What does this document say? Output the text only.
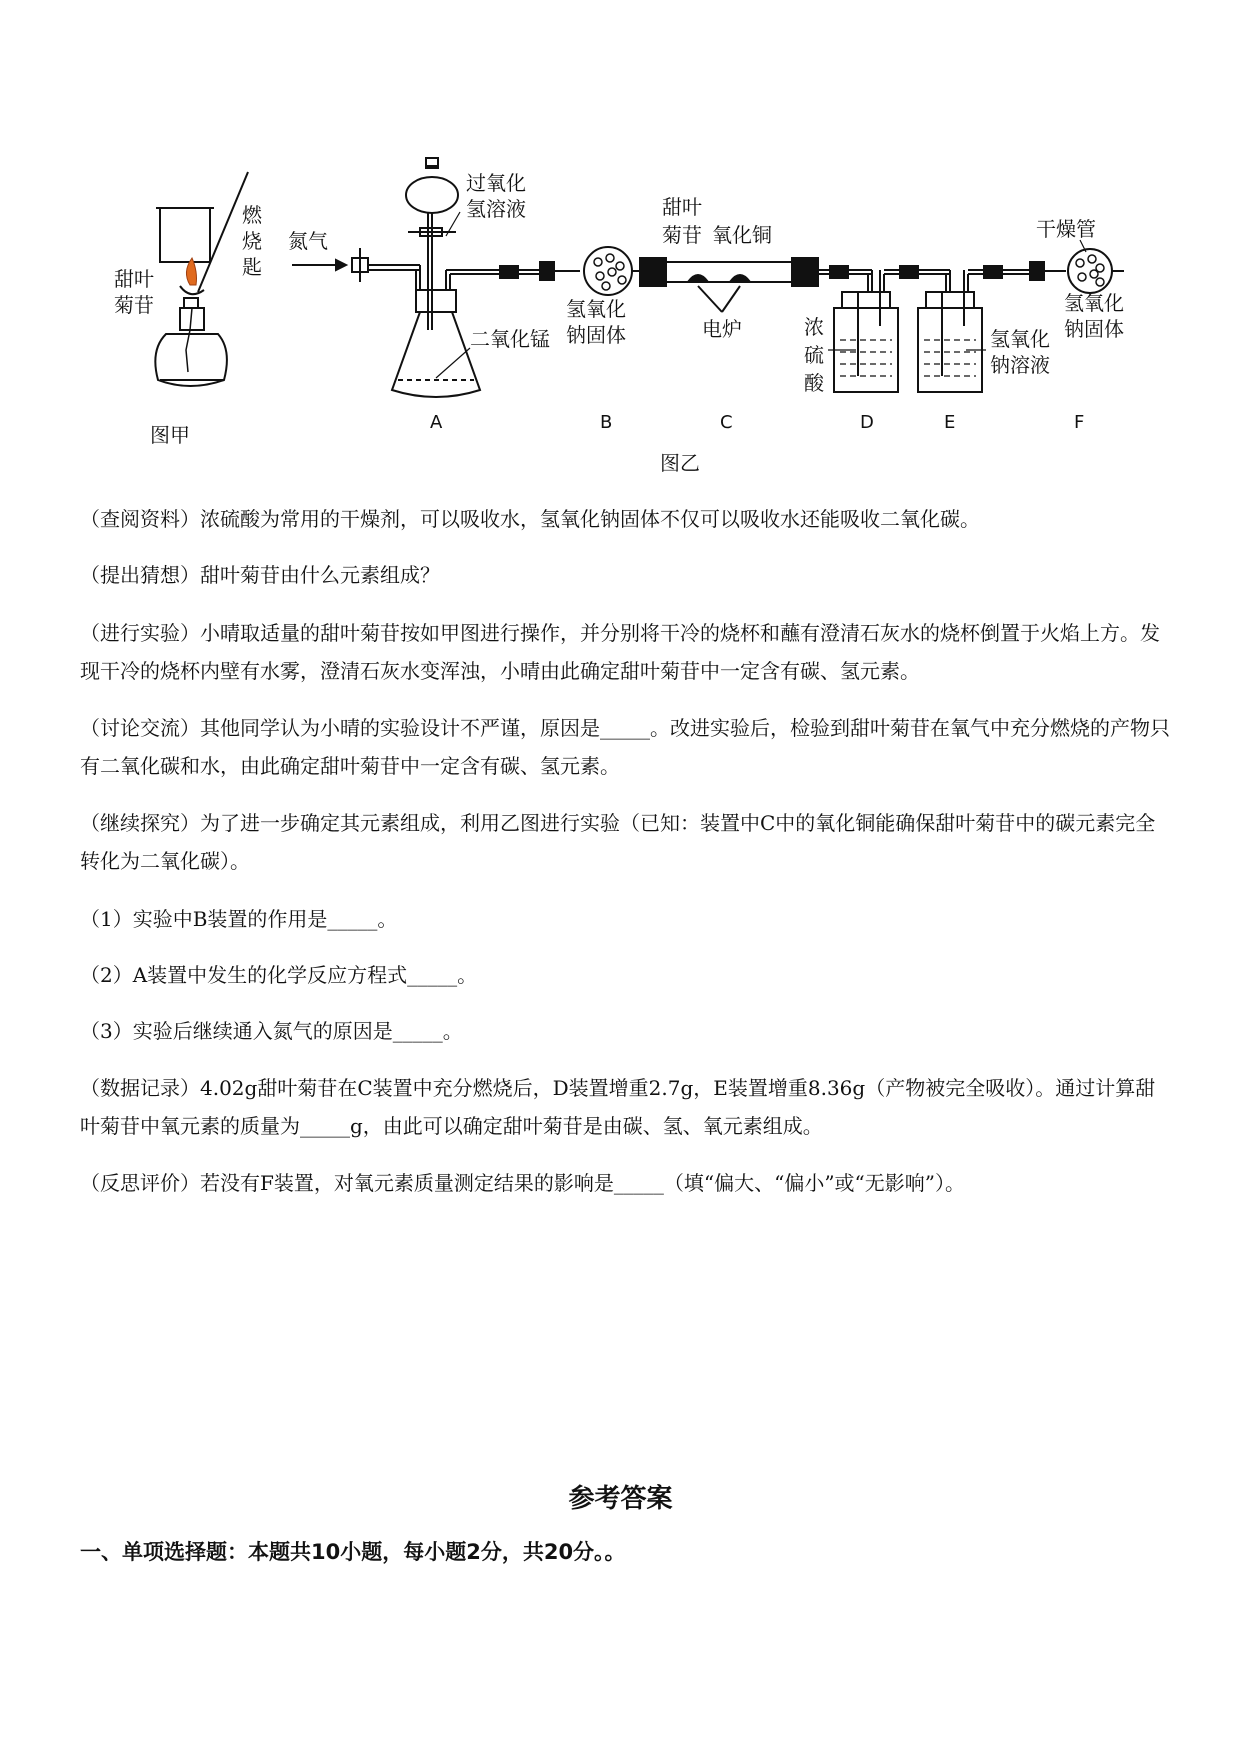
燃
烧
匙
甜叶
菊苷
图甲
氮气
过氧化
氢溶液
二氧化锰
氢氧化
钠固体
甜叶
菊苷 氧化铜
电炉	浓
硫
酸
氢氧化
钠溶液
干燥管
氢氧化
钠固体
A	B	C	D	E	F
图乙

（查阅资料）浓硫酸为常用的干燥剂，可以吸收水，氢氧化钠固体不仅可以吸收水还能吸收二氧化碳。

（提出猜想）甜叶菊苷由什么元素组成？

（进行实验）小晴取适量的甜叶菊苷按如甲图进行操作，并分别将干冷的烧杯和蘸有澄清石灰水的烧杯倒置于火焰上方。发现干冷的烧杯内壁有水雾，澄清石灰水变浑浊，小晴由此确定甜叶菊苷中一定含有碳、氢元素。

（讨论交流）其他同学认为小晴的实验设计不严谨，原因是_____。改进实验后，检验到甜叶菊苷在氧气中充分燃烧的产物只有二氧化碳和水，由此确定甜叶菊苷中一定含有碳、氢元素。

（继续探究）为了进一步确定其元素组成，利用乙图进行实验（已知：装置中C中的氧化铜能确保甜叶菊苷中的碳元素完全转化为二氧化碳）。

（1）实验中B装置的作用是_____。

（2）A装置中发生的化学反应方程式_____。

（3）实验后继续通入氮气的原因是_____。

（数据记录）4.02g甜叶菊苷在C装置中充分燃烧后，D装置增重2.7g，E装置增重8.36g（产物被完全吸收）。通过计算甜叶菊苷中氧元素的质量为_____g，由此可以确定甜叶菊苷是由碳、氢、氧元素组成。

（反思评价）若没有F装置，对氧元素质量测定结果的影响是_____（填“偏大、“偏小”或“无影响”）。

参考答案

一、单项选择题：本题共10小题，每小题2分，共20分。。
